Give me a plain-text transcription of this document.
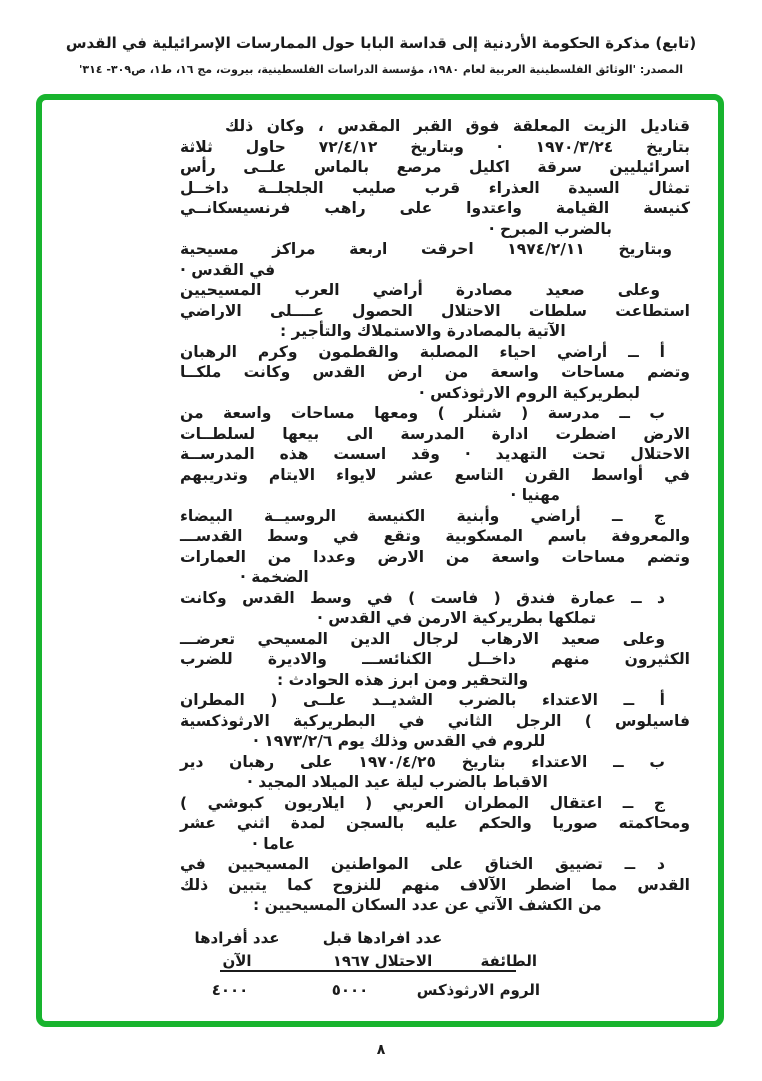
(تابع) مذكرة الحكومة الأردنية إلى قداسة البابا حول الممارسات الإسرائيلية في القدس
المصدر: 'الوثائق الفلسطينية العربية لعام ١٩٨٠، مؤسسة الدراسات الفلسطينية، بيروت، مج ١٦، ط١، ص٣٠٩- ٣١٤'
قناديل الزيت المعلقة فوق القبر المقدس ، وكان ذلك
بتاريخ ١٩٧٠/٣/٢٤ · وبتاريخ ٧٢/٤/١٢ حاول ثلاثة
اسرائيليين سرقة اكليل مرصع بالماس علــى رأس
تمثال السيدة العذراء قرب صليب الجلجلــة داخــل
كنيسة القيامة واعتدوا على راهب فرنسيسكانــي
بالضرب المبرح ·
وبتاريخ ١٩٧٤/٢/١١ احرقت اربعة مراكز مسيحية
في القدس ·
وعلى صعيد مصادرة أراضي العرب المسيحيين
استطاعت سلطات الاحتلال الحصول عــــلى الاراضي
الآتية بالمصادرة والاستملاك والتأجير :
أ ــ أراضي احياء المصلبة والقطمون وكرم الرهبان
وتضم مساحات واسعة من ارض القدس وكانت ملكــا
لبطريركية الروم الارثوذكس ·
ب ــ مدرسة ( شنلر ) ومعها مساحات واسعة من
الارض اضطرت ادارة المدرسة الى بيعها لسلطــات
الاحتلال تحت التهديد · وقد اسست هذه المدرســة
في أواسط القرن التاسع عشر لايواء الايتام وتدريبهم
مهنيا ·
ج ــ أراضي وأبنية الكنيسة الروسيــة البيضاء
والمعروفة باسم المسكوبية وتقع في وسط القدســـ
وتضم مساحات واسعة من الارض وعددا من العمارات
الضخمة ·
د ــ عمارة فندق ( فاست ) في وسط القدس وكانت
تملكها بطريركية الارمن في القدس ·
وعلى صعيد الارهاب لرجال الدين المسيحي تعرضـــ
الكثيرون منهم داخــل الكنائســـ والاديرة للضرب
والتحقير ومن ابرز هذه الحوادث :
أ ــ الاعتداء بالضرب الشديــد علــى ( المطران
فاسيلوس ) الرجل الثاني في البطريركية الارثوذكسية
للروم في القدس وذلك يوم ١٩٧٣/٢/٦ ·
ب ــ الاعتداء بتاريخ ١٩٧٠/٤/٢٥ على رهبان دير
الاقباط بالضرب ليلة عيد الميلاد المجيد ·
ج ــ اعتقال المطران العربي ( ايلاريون كبوشي )
ومحاكمته صوريا والحكم عليه بالسجن لمدة اثني عشر
عاما ·
د ــ تضييق الخناق على المواطنين المسيحيين في
القدس مما اضطر الآلاف منهم للنزوح كما يتبين ذلك
من الكشف الآتي عن عدد السكان المسيحيين :
عدد أفرادها
الآن
عدد افرادها قبل
الاحتلال ١٩٦٧	الطائفة
الروم الارثوذكس
٥٠٠٠
٤٠٠٠
٨
